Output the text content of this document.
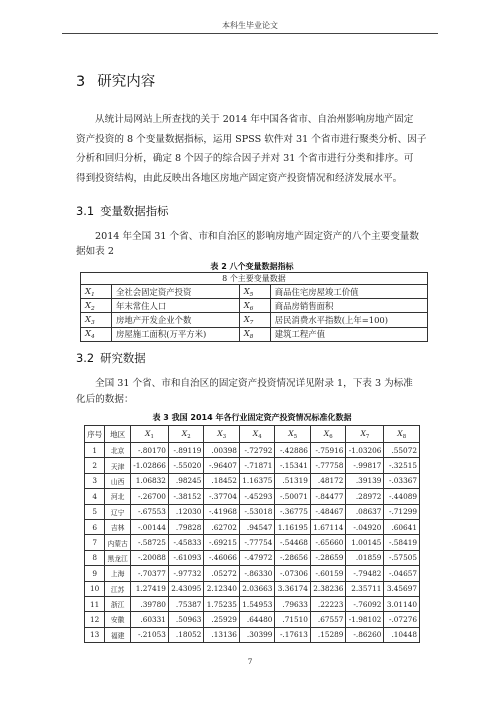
本科生毕业论文
3 研究内容
从统计局网站上所查找的关于 2014 年中国各省市、自治州影响房地产固定
资产投资的 8 个变量数据指标，运用 SPSS 软件对 31 个省市进行聚类分析、因子
分析和回归分析，确定 8 个因子的综合因子并对 31 个省市进行分类和排序。可
得到投资结构，由此反映出各地区房地产固定资产投资情况和经济发展水平。
3.1 变量数据指标
2014 年全国 31 个省、市和自治区的影响房地产固定资产的八个主要变量数
据如表 2
表 2 八个变量数据指标
8 个主要变量数据			
$X_1$	全社会固定资产投资	$X_5$	商品住宅房屋竣工价值
$X_2$	年末常住人口	$X_6$	商品房销售面积
$X_3$	房地产开发企业个数	$X_7$	居民消费水平指数(上年=100)
$X_4$	房屋施工面积(万平方米)	$X_8$	建筑工程产值
3.2 研究数据
全国 31 个省、市和自治区的固定资产投资情况详见附录 1，下表 3 为标准
化后的数据：
表 3 我国 2014 年各行业固定资产投资情况标准化数据
序号	地区	$X_1$	$X_2$	$X_3$	$X_4$	$X_5$	$X_6$	$X_7$	$X_8$
1	北京	-.80170	-.89119	.00398	-.72792	-.42886	-.75916	-1.03206	.55072
2	天津	-1.02866	-.55020	-.96407	-.71871	-.15341	-.77758	-.99817	-.32515
3	山西	1.06832	.98245	.18452	1.16375	.51319	.48172	.39139	-.03367
4	河北	-.26700	-.38152	-.37704	-.45293	-.50071	-.84477	.28972	-.44089
5	辽宁	-.67553	.12030	-.41968	-.53018	-.36775	-.48467	.08637	-.71299
6	吉林	-.00144	.79828	.62702	.94547	1.16195	1.67114	-.04920	.60641
7	内蒙古	-.58725	-.45833	-.69215	-.77754	-.54468	-.65660	1.00145	-.58419
8	黑龙江	-.20088	-.61093	-.46066	-.47972	-.28656	-.28659	.01859	-.57505
9	上海	-.70377	-.97732	.05272	-.86330	-.07306	-.60159	-.79482	-.04657
10	江苏	1.27419	2.43095	2.12340	2.03663	3.36174	2.38236	2.35711	3.45697
11	浙江	.39780	.75387	1.75235	1.54953	.79633	.22223	-.76092	3.01140
12	安徽	.60331	.50963	.25929	.64480	.71510	.67557	-1.98102	-.07276
13	福建	-.21053	.18052	.13136	.30399	-.17613	.15289	-.86260	.10448
7
